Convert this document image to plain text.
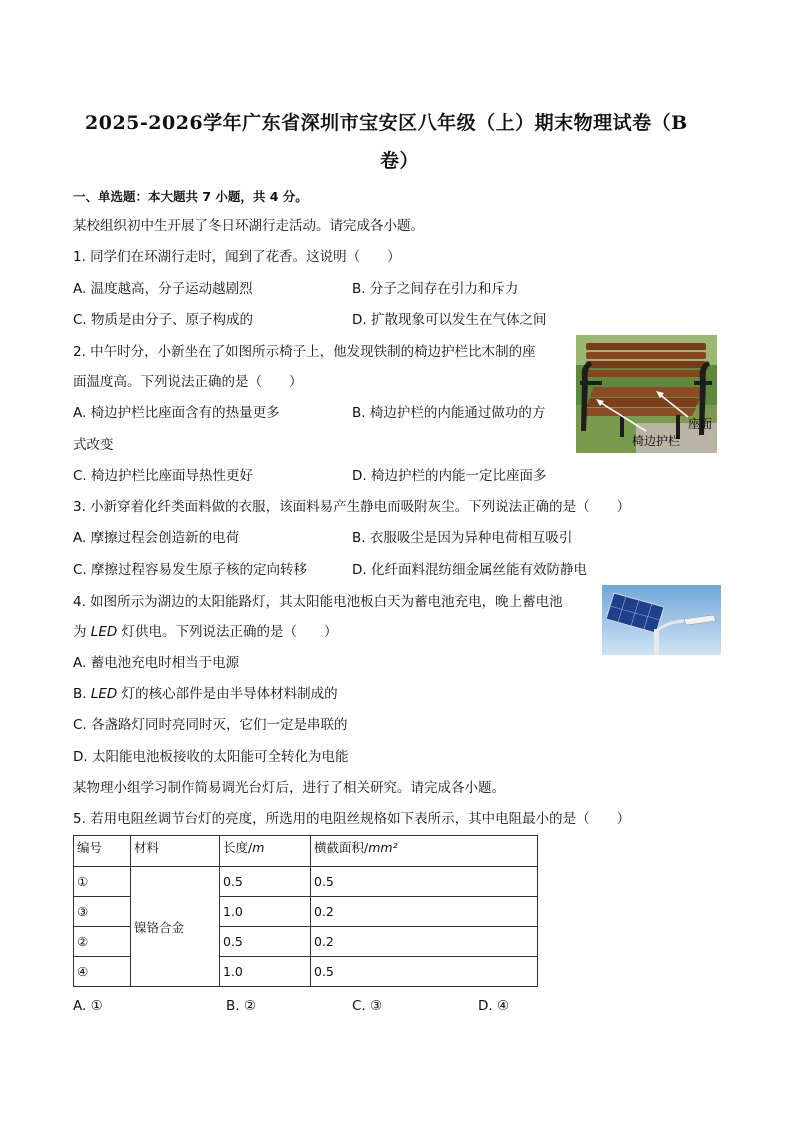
2025-2026学年广东省深圳市宝安区八年级（上）期末物理试卷（B
卷）
一、单选题：本大题共 7 小题，共 4 分。
某校组织初中生开展了冬日环湖行走活动。请完成各小题。
1. 同学们在环湖行走时，闻到了花香。这说明（　　）
A. 温度越高，分子运动越剧烈	B. 分子之间存在引力和斥力
C. 物质是由分子、原子构成的	D. 扩散现象可以发生在气体之间
2. 中午时分，小新坐在了如图所示椅子上，他发现铁制的椅边护栏比木制的座
面温度高。下列说法正确的是（　　）
A. 椅边护栏比座面含有的热量更多	B. 椅边护栏的内能通过做功的方
式改变
C. 椅边护栏比座面导热性更好	D. 椅边护栏的内能一定比座面多
座面
椅边护栏
3. 小新穿着化纤类面料做的衣服，该面料易产生静电而吸附灰尘。下列说法正确的是（　　）
A. 摩擦过程会创造新的电荷	B. 衣服吸尘是因为异种电荷相互吸引
C. 摩擦过程容易发生原子核的定向转移	D. 化纤面料混纺细金属丝能有效防静电
4. 如图所示为湖边的太阳能路灯，其太阳能电池板白天为蓄电池充电，晚上蓄电池
为 LED 灯供电。下列说法正确的是（　　）
A. 蓄电池充电时相当于电源
B. LED 灯的核心部件是由半导体材料制成的
C. 各盏路灯同时亮同时灭，它们一定是串联的
D. 太阳能电池板接收的太阳能可全转化为电能
某物理小组学习制作简易调光台灯后，进行了相关研究。请完成各小题。
5. 若用电阻丝调节台灯的亮度，所选用的电阻丝规格如下表所示，其中电阻最小的是（　　）
编号	材料	长度/m	横截面积/mm²
①	镍铬合金	0.5	0.5
③		1.0	0.2
②		0.5	0.2
④		1.0	0.5
A. ①	B. ②	C. ③	D. ④
